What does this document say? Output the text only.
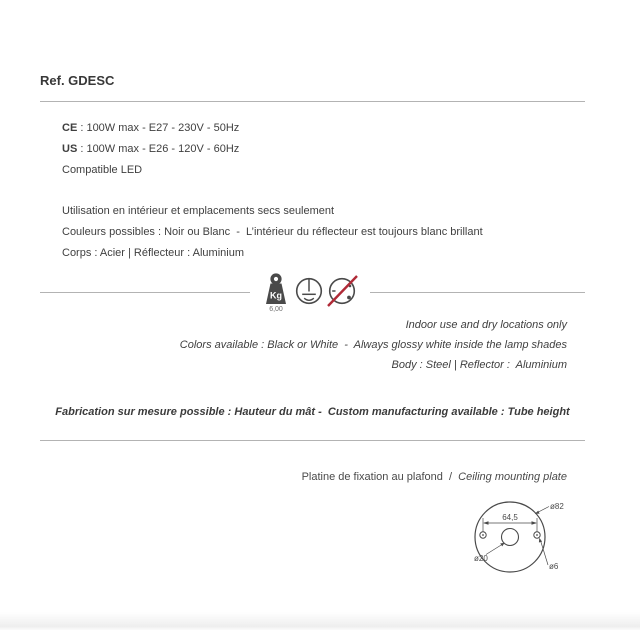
Ref. GDESC
CE : 100W max - E27 - 230V - 50Hz
US : 100W max - E26 - 120V - 60Hz
Compatible LED
Utilisation en intérieur et emplacements secs seulement
Couleurs possibles : Noir ou Blanc  -  L’intérieur du réflecteur est toujours blanc brillant
Corps : Acier | Réflecteur : Aluminium
Kg
6,00
Indoor use and dry locations only
Colors available : Black or White  -  Always glossy white inside the lamp shades
Body : Steel | Reflector :  Aluminium
Fabrication sur mesure possible : Hauteur du mât -  Custom manufacturing available : Tube height
Platine de fixation au plafond  /  Ceiling mounting plate
64,5
ø82
ø6
ø20
